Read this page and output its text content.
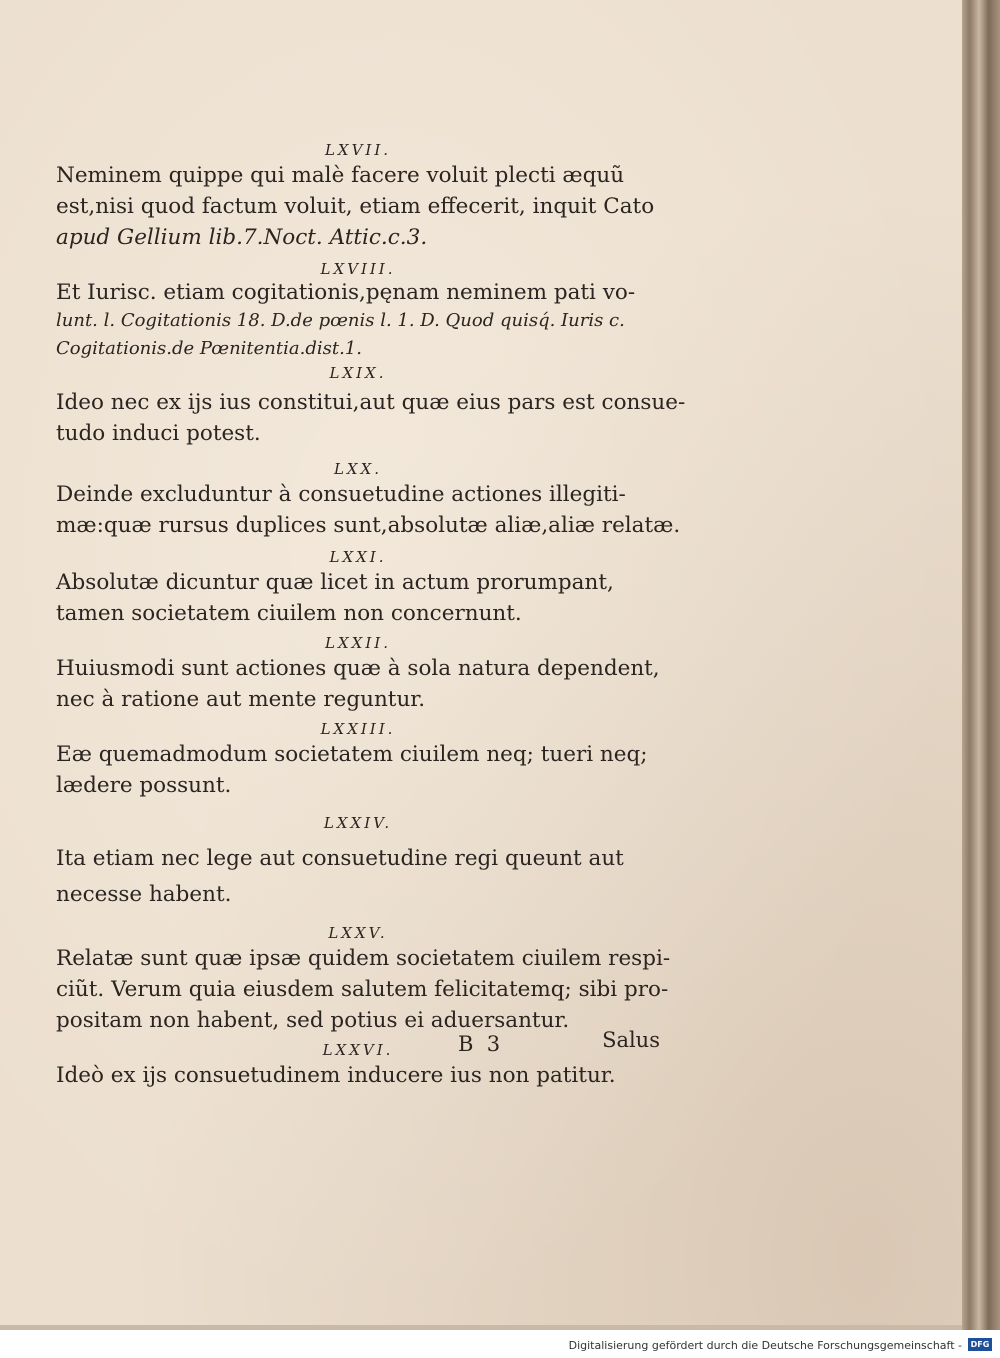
LXVII.

Neminem quippe qui malè facere voluit plecti æquũ
est,nisi quod factum voluit, etiam effecerit, inquit Cato
apud Gellium lib.7.Noct. Attic.c.3.

LXVIII.

Et Iurisc. etiam cogitationis,pęnam neminem pati vo-
lunt. l. Cogitationis 18. D.de pœnis l. 1. D. Quod quisq́. Iuris c.
Cogitationis.de Pœnitentia.dist.1.

LXIX.

Ideo nec ex ijs ius constitui,aut quæ eius pars est consue-
tudo induci potest.

LXX.

Deinde excluduntur à consuetudine actiones illegiti-
mæ:quæ rursus duplices sunt,absolutæ aliæ,aliæ relatæ.

LXXI.

Absolutæ dicuntur quæ licet in actum prorumpant,
tamen societatem ciuilem non concernunt.

LXXII.

Huiusmodi sunt actiones quæ à sola natura dependent,
nec à ratione aut mente reguntur.

LXXIII.

Eæ quemadmodum societatem ciuilem neq; tueri neq;
lædere possunt.

LXXIV.

Ita etiam nec lege aut consuetudine regi queunt aut
necesse habent.

LXXV.

Relatæ sunt quæ ipsæ quidem societatem ciuilem respi-
ciũt. Verum quia eiusdem salutem felicitatemq; sibi pro-
positam non habent, sed potius ei aduersantur.

LXXVI.

Ideò ex ijs consuetudinem inducere ius non patitur.

B  3	Salus
Digitalisierung gefördert durch die Deutsche Forschungsgemeinschaft -	DFG
